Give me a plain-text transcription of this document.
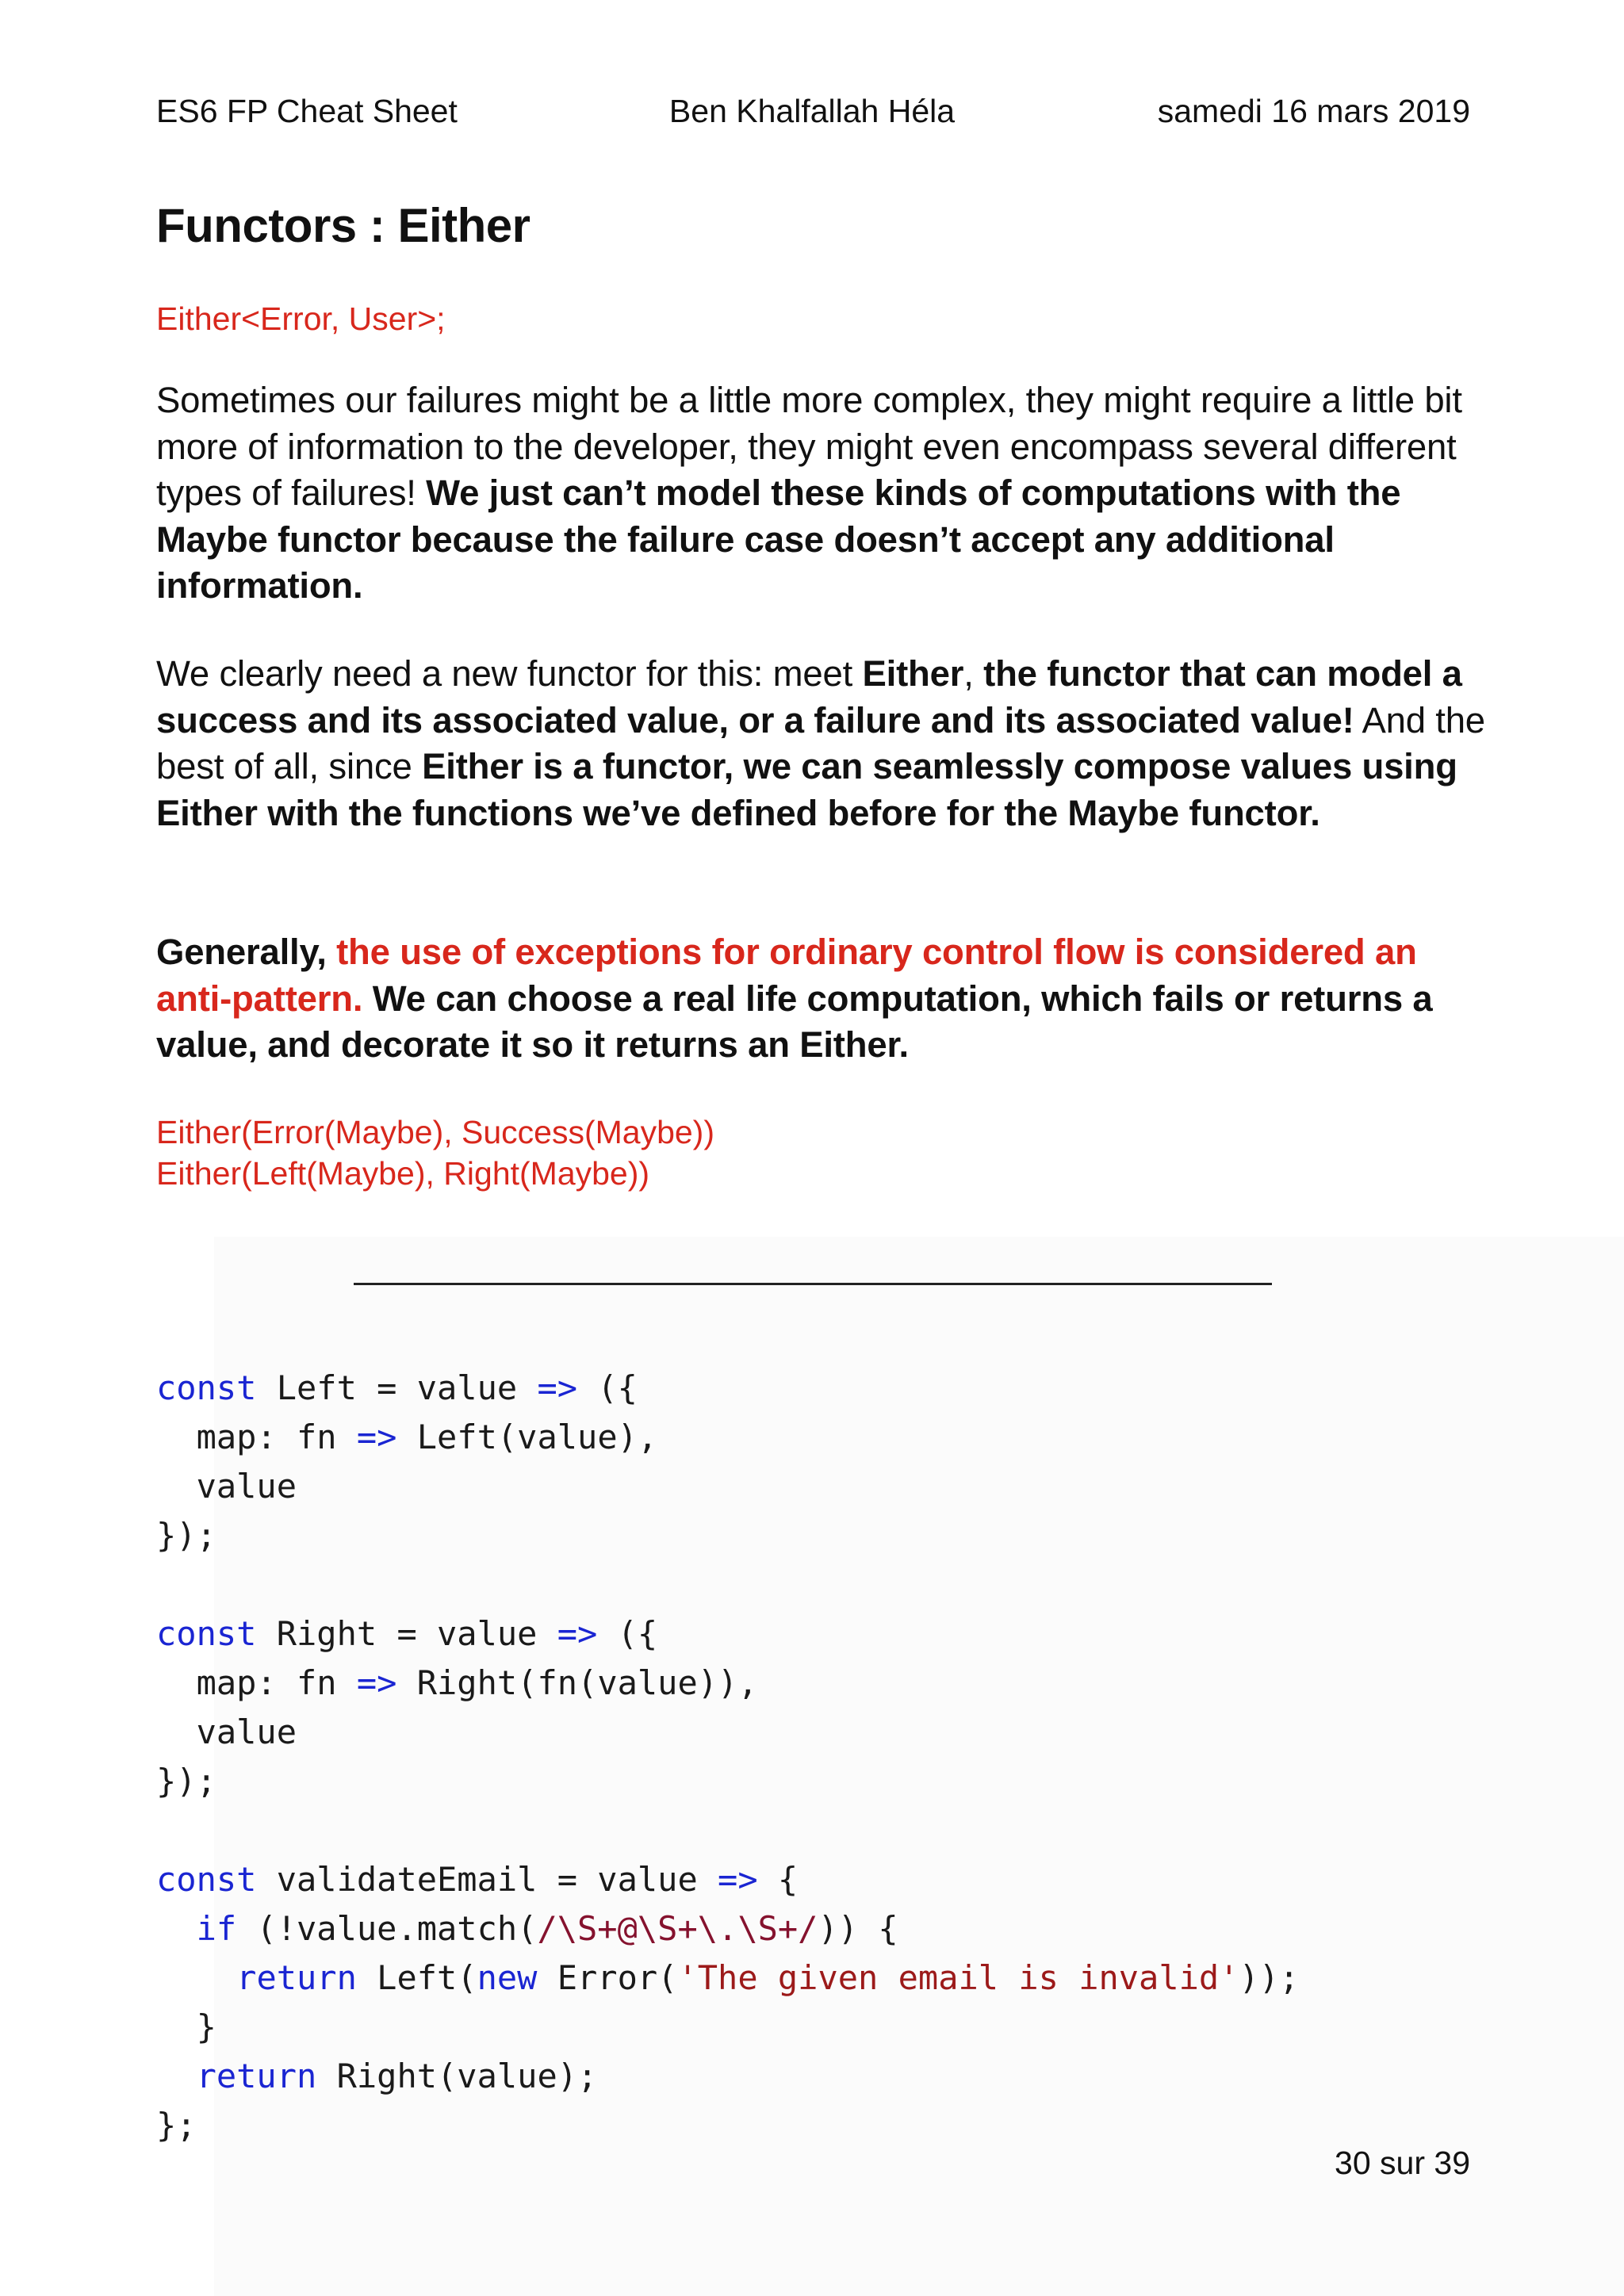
ES6 FP Cheat Sheet	Ben Khalfallah Héla	samedi 16 mars 2019
Functors : Either
Either<Error, User>;

Sometimes our failures might be a little more complex, they might require a little bit more of information to the developer, they might even encompass several different types of failures! We just can’t model these kinds of computations with the Maybe functor because the failure case doesn’t accept any additional information.

We clearly need a new functor for this: meet Either, the functor that can model a success and its associated value, or a failure and its associated value! And the best of all, since Either is a functor, we can seamlessly compose values using Either with the functions we’ve defined before for the Maybe functor.

Generally, the use of exceptions for ordinary control flow is considered an anti-pattern. We can choose a real life computation, which fails or returns a value, and decorate it so it returns an Either.

Either(Error(Maybe), Success(Maybe))
Either(Left(Maybe), Right(Maybe))
const Left = value => ({
map: fn => Left(value),
value
});
const Right = value => ({
map: fn => Right(fn(value)),
value
});
const validateEmail = value => {
if (!value.match(/\S+@\S+\.\S+/)) {
return Left(new Error('The given email is invalid'));
}
return Right(value);
};
30 sur 39
